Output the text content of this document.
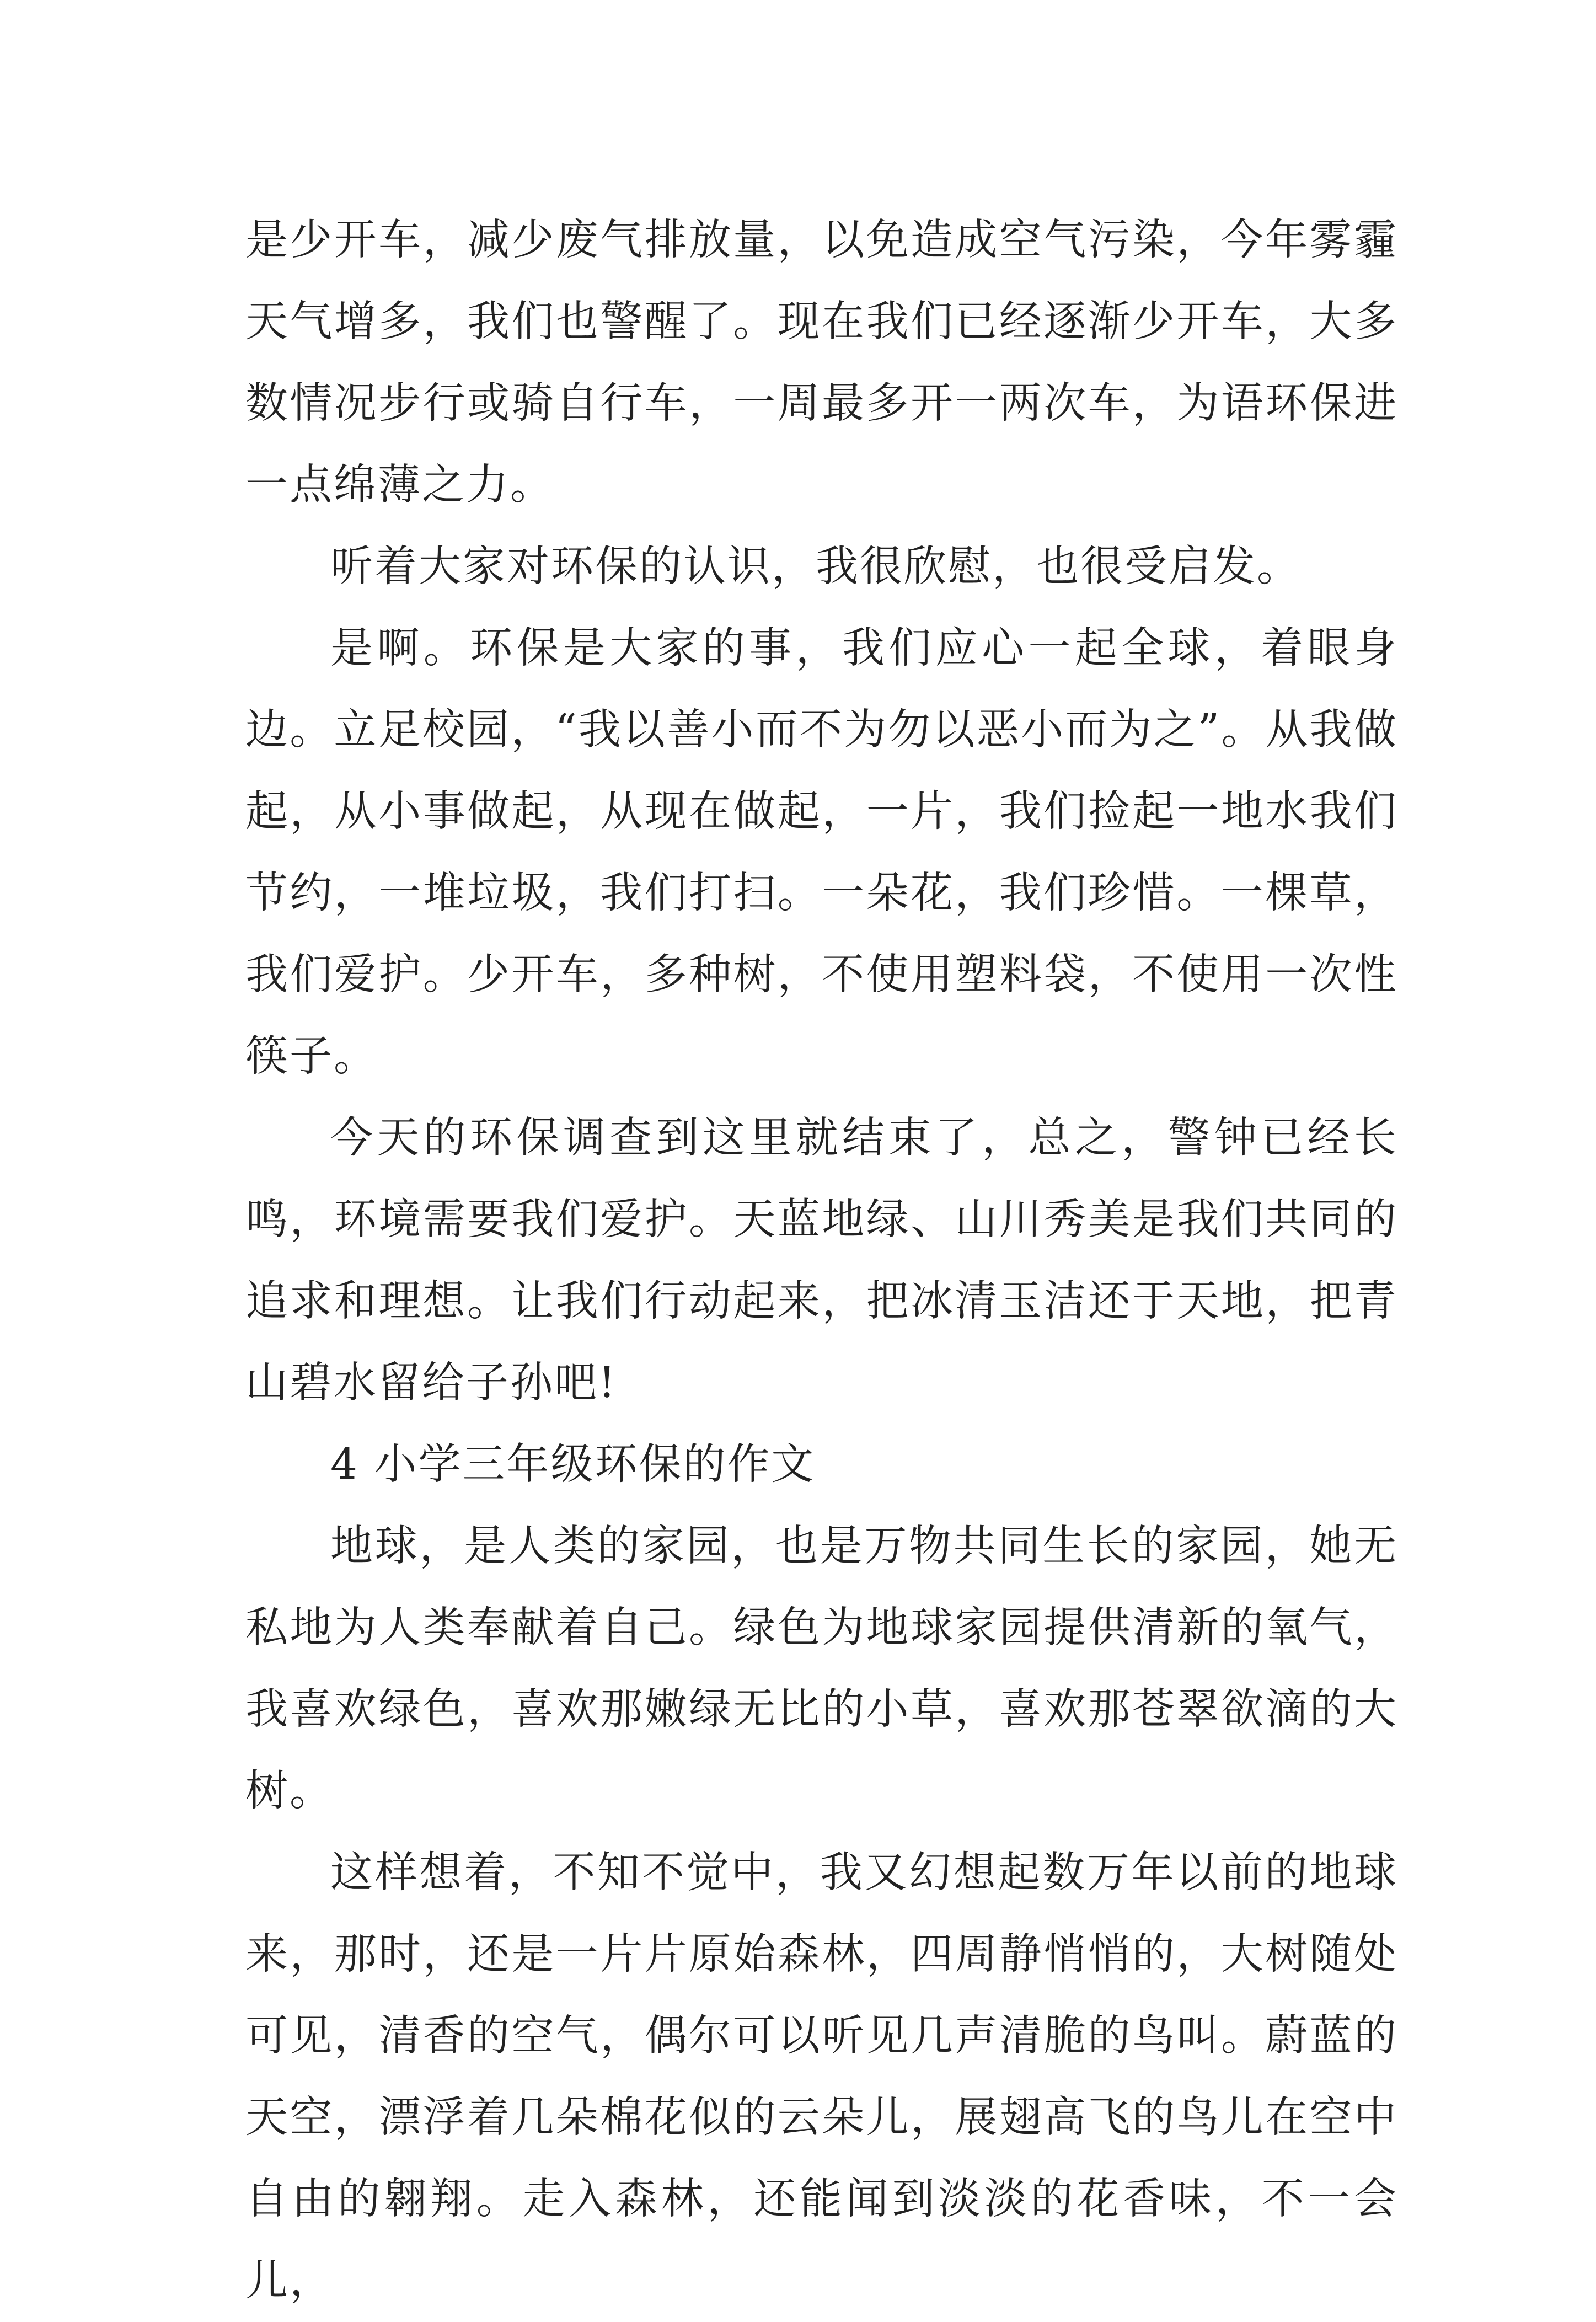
是少开车，减少废气排放量，以免造成空气污染，今年雾霾天气增多，我们也警醒了。现在我们已经逐渐少开车，大多数情况步行或骑自行车，一周最多开一两次车，为语环保进一点绵薄之力。

听着大家对环保的认识，我很欣慰，也很受启发。

是啊。环保是大家的事，我们应心一起全球，着眼身边。立足校园，“我以善小而不为勿以恶小而为之”。从我做起，从小事做起，从现在做起，一片，我们捡起一地水我们节约，一堆垃圾，我们打扫。一朵花，我们珍惜。一棵草，我们爱护。少开车，多种树，不使用塑料袋，不使用一次性筷子。

今天的环保调查到这里就结束了，总之，警钟已经长鸣，环境需要我们爱护。天蓝地绿、山川秀美是我们共同的追求和理想。让我们行动起来，把冰清玉洁还于天地，把青山碧水留给子孙吧!

4 小学三年级环保的作文

地球，是人类的家园，也是万物共同生长的家园，她无私地为人类奉献着自己。绿色为地球家园提供清新的氧气，我喜欢绿色，喜欢那嫩绿无比的小草，喜欢那苍翠欲滴的大树。

这样想着，不知不觉中，我又幻想起数万年以前的地球来，那时，还是一片片原始森林，四周静悄悄的，大树随处可见，清香的空气，偶尔可以听见几声清脆的鸟叫。蔚蓝的天空，漂浮着几朵棉花似的云朵儿，展翅高飞的鸟儿在空中自由的翱翔。走入森林，还能闻到淡淡的花香味，不一会儿，
